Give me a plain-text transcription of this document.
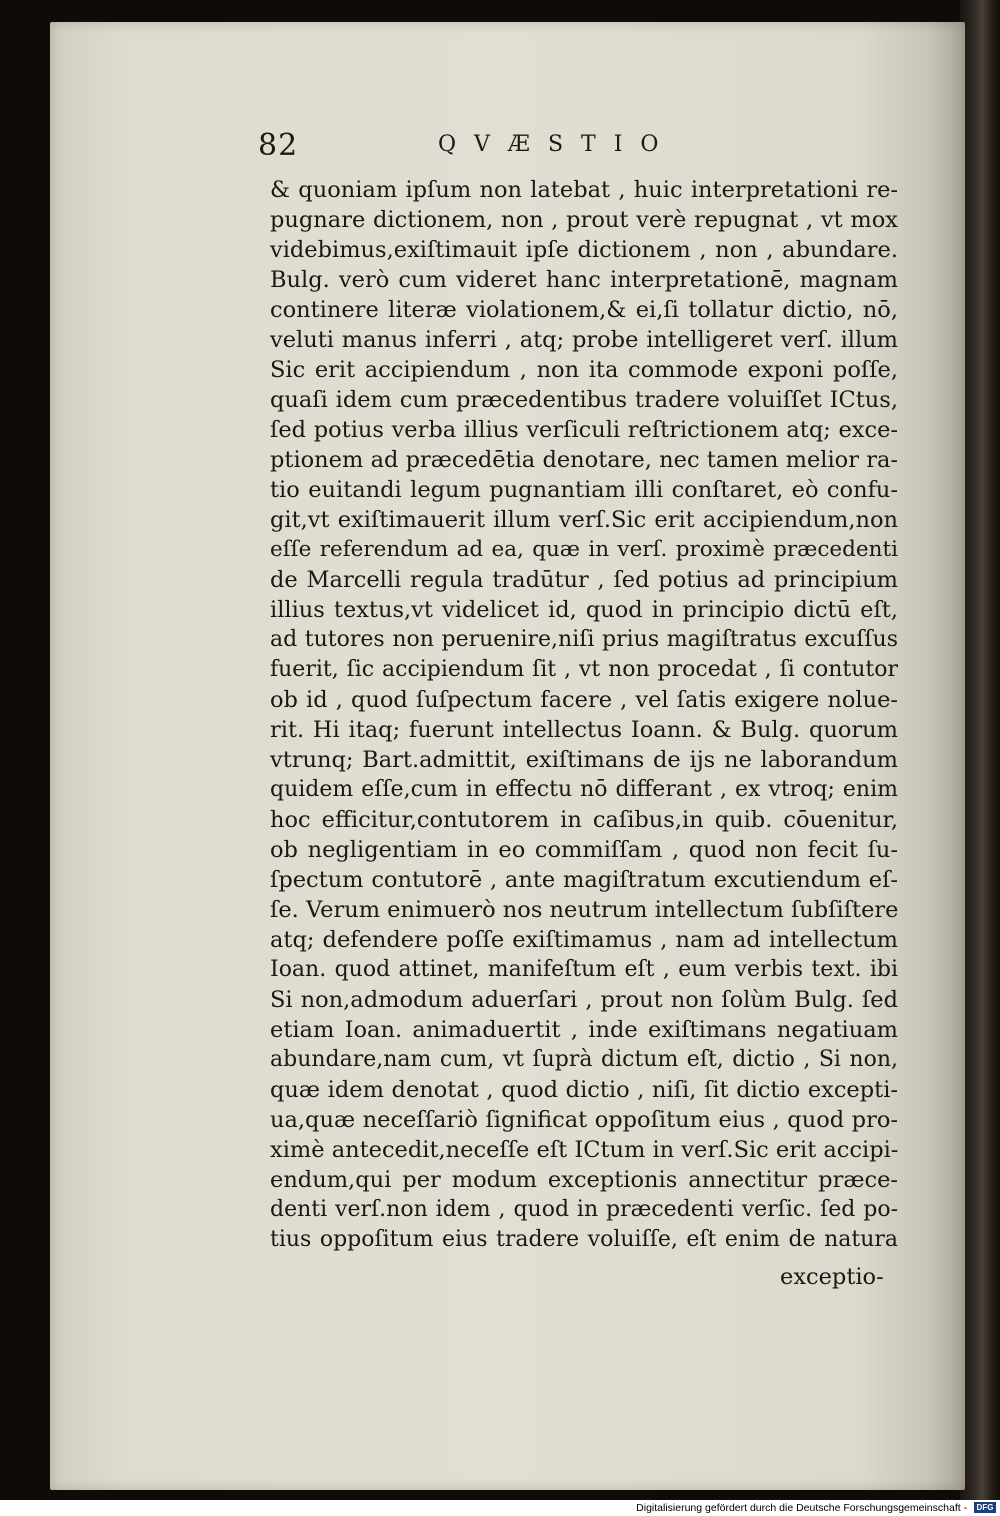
82	QVÆSTIO
& quoniam ipſum non latebat , huic interpretationi re-
pugnare dictionem, non , prout verè repugnat , vt mox
videbimus,exiſtimauit ipſe dictionem , non , abundare.
Bulg. verò cum videret hanc interpretationē, magnam
continere literæ violationem,& ei,ſi tollatur dictio, nō,
veluti manus inferri , atq; probe intelligeret verſ. illum
Sic erit accipiendum , non ita commode exponi poſſe,
quaſi idem cum præcedentibus tradere voluiſſet ICtus,
ſed potius verba illius verſiculi reſtrictionem atq; exce-
ptionem ad præcedētia denotare, nec tamen melior ra-
tio euitandi legum pugnantiam illi conſtaret, eò confu-
git,vt exiſtimauerit illum verſ.Sic erit accipiendum,non
eſſe referendum ad ea, quæ in verſ. proximè præcedenti
de Marcelli regula tradūtur , ſed potius ad principium
illius textus,vt videlicet id, quod in principio dictū eſt,
ad tutores non peruenire,niſi prius magiſtratus excuſſus
fuerit, ſic accipiendum ſit , vt non procedat , ſi contutor
ob id , quod ſuſpectum facere , vel ſatis exigere noluе-
rit. Hi itaq; fuerunt intellectus Ioann. & Bulg. quorum
vtrunq; Bart.admittit, exiſtimans de ijs ne laborandum
quidem eſſe,cum in effectu nō differant , ex vtroq; enim
hoc efficitur,contutorem in caſibus,in quib. cōuenitur,
ob negligentiam in eo commiſſam , quod non fecit ſu-
ſpectum contutorē , ante magiſtratum excutiendum eſ-
ſe. Verum enimuerò nos neutrum intellectum ſubſiſtere
atq; defendere poſſe exiſtimamus , nam ad intellectum
Ioan. quod attinet, manifeſtum eſt , eum verbis text. ibi
Si non,admodum aduerſari , prout non ſolùm Bulg. ſed
etiam Ioan. animaduertit , inde exiſtimans negatiuam
abundare,nam cum, vt ſuprà dictum eſt, dictio , Si non,
quæ idem denotat , quod dictio , niſi, ſit dictio excepti-
ua,quæ neceſſariò ſignificat oppoſitum eius , quod pro-
ximè antecedit,neceſſe eſt ICtum in verſ.Sic erit accipi-
endum,qui per modum exceptionis annectitur præce-
denti verſ.non idem , quod in præcedenti verſic. ſed po-
tius oppoſitum eius tradere voluiſſe, eſt enim de natura
exceptio-
Digitalisierung gefördert durch die Deutsche Forschungsgemeinschaft - DFG
